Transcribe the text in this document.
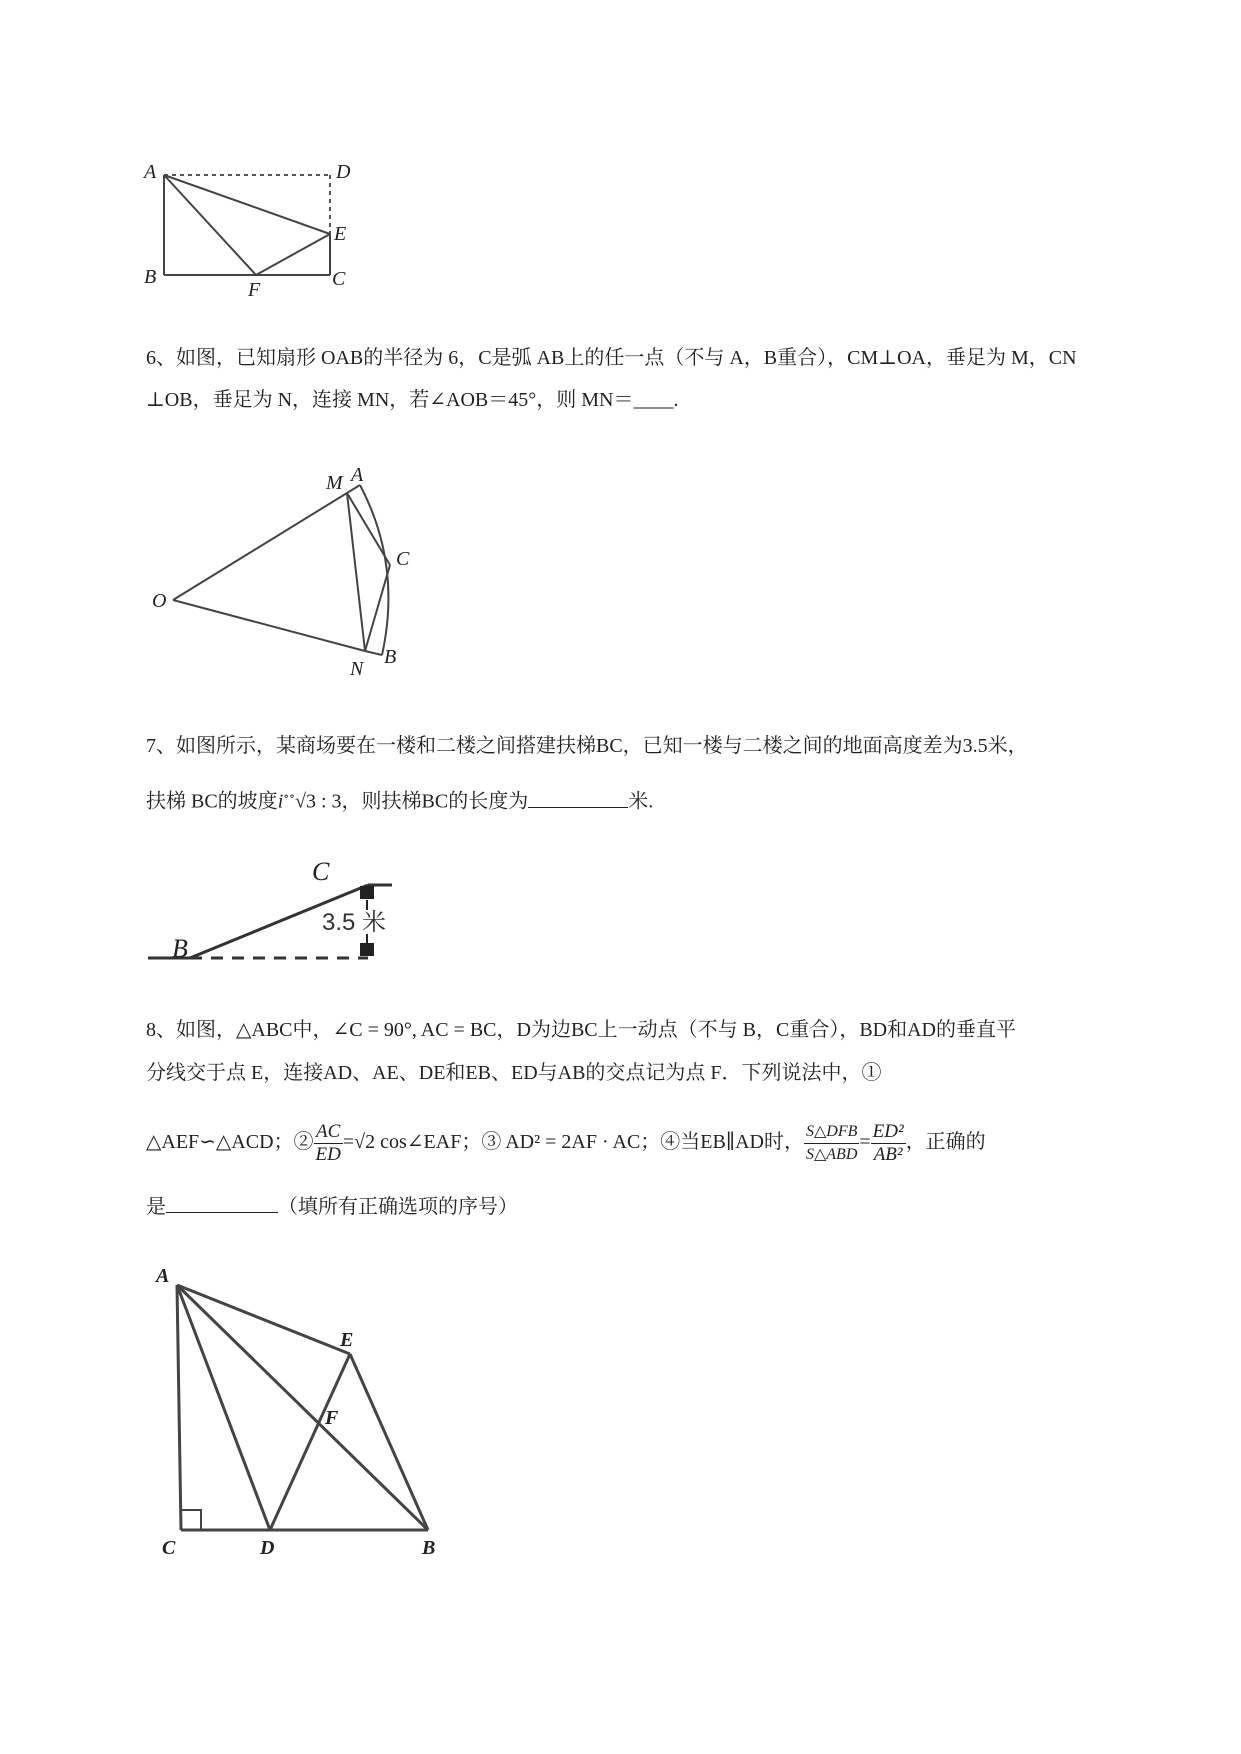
A	D
E
B
F	C
6、如图，已知扇形 OAB的半径为 6，C是弧 AB上的任一点（不与 A，B重合），CM⊥OA，垂足为 M，CN
⊥OB，垂足为 N，连接 MN，若∠AOB＝45°，则 MN＝____.
M A
C
O
N
B
7、如图所示，某商场要在一楼和二楼之间搭建扶梯BC，已知一楼与二楼之间的地面高度差为3.5米，
扶梯 BC的坡度i∘∘√3 : 3，则扶梯BC的长度为	米.
C
B
3.5 米
8、如图，△ABC中，∠C = 90°, AC = BC，D为边BC上一动点（不与 B，C重合），BD和AD的垂直平
分线交于点 E，连接AD、AE、DE和EB、ED与AB的交点记为点 F．下列说法中，①
△AEF∽△ACD；② $\frac{AC}{ED} =√2$ cos∠EAF；③ AD² = 2AF · AC；④当EB∥AD时， $\frac{\text{S△DFB}}{\text{S△ABD}} = \frac{\text{ED²}}{\text{AB²}}$ ，正确的
是	（填所有正确选项的序号）
A
E
F
C	D	B
